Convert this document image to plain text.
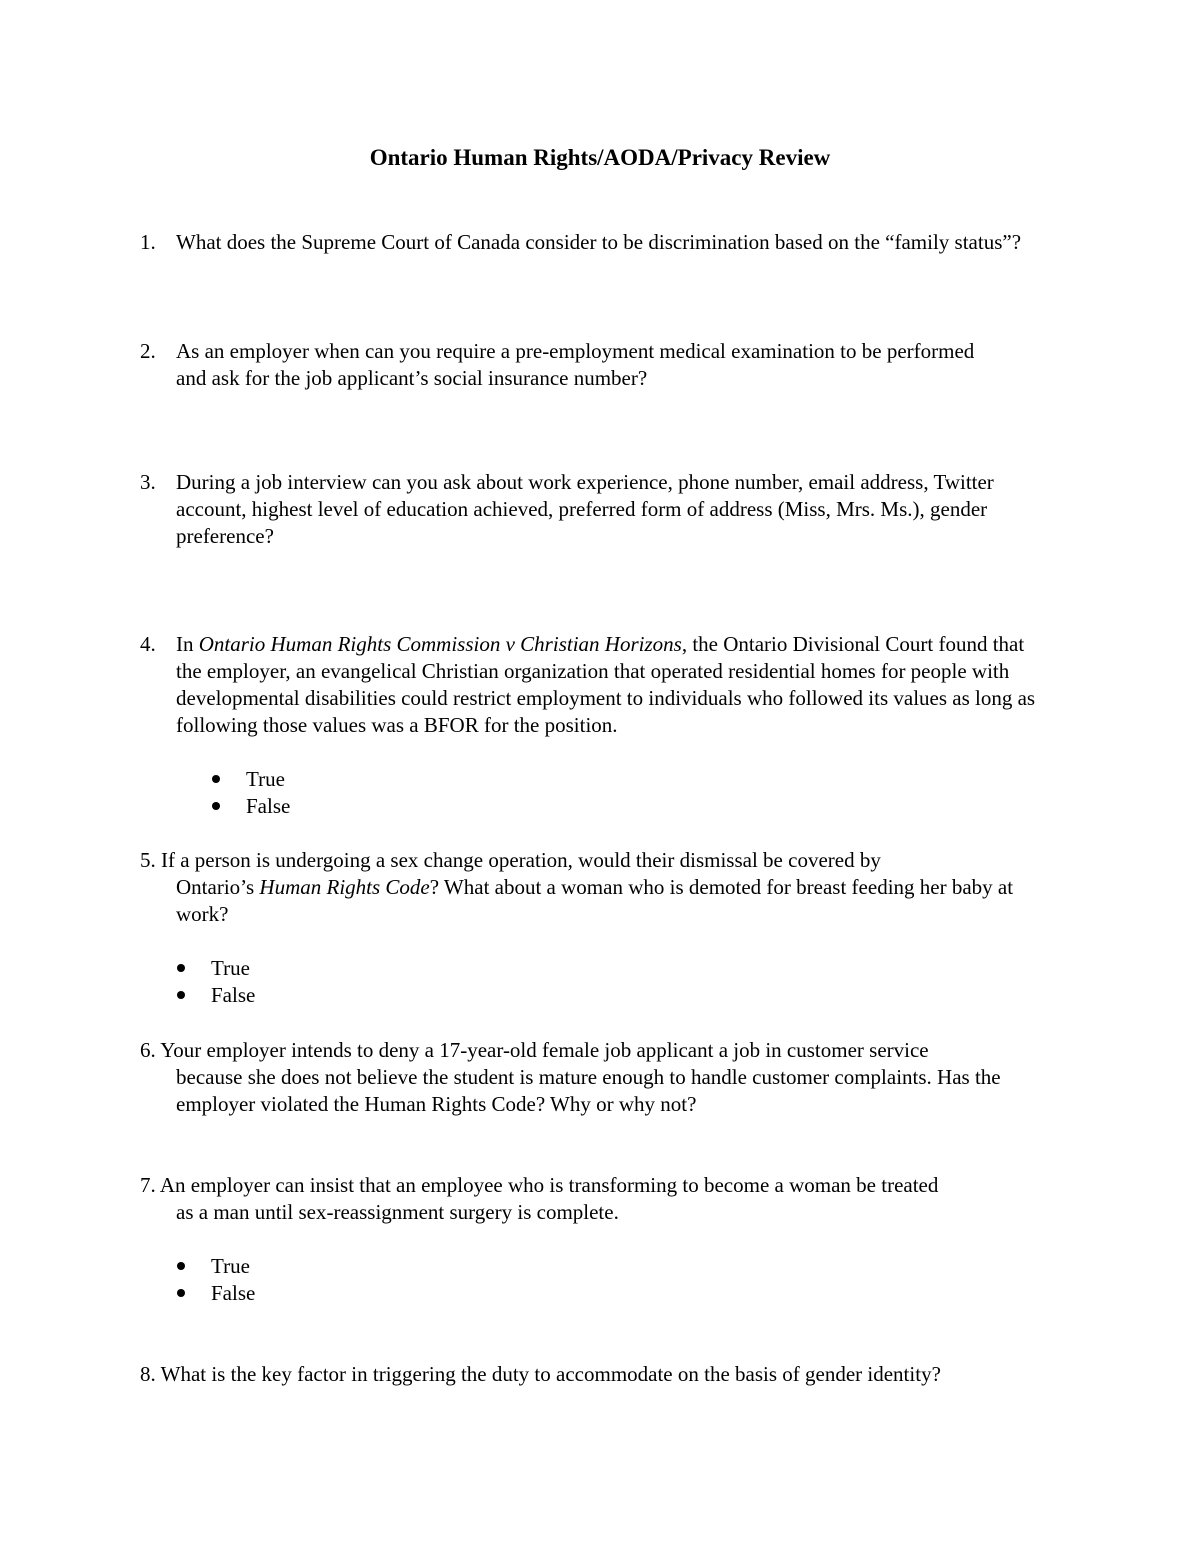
Ontario Human Rights/AODA/Privacy Review
1. What does the Supreme Court of Canada consider to be discrimination based on the “family status”?
2. As an employer when can you require a pre-employment medical examination to be performed and ask for the job applicant’s social insurance number?
3. During a job interview can you ask about work experience, phone number, email address, Twitter account, highest level of education achieved, preferred form of address (Miss, Mrs. Ms.), gender preference?
4. In Ontario Human Rights Commission v Christian Horizons, the Ontario Divisional Court found that the employer, an evangelical Christian organization that operated residential homes for people with developmental disabilities could restrict employment to individuals who followed its values as long as following those values was a BFOR for the position.
True
False
5. If a person is undergoing a sex change operation, would their dismissal be covered by
Ontario’s Human Rights Code? What about a woman who is demoted for breast feeding her baby at work?
True
False
6. Your employer intends to deny a 17-year-old female job applicant a job in customer service
because she does not believe the student is mature enough to handle customer complaints. Has the employer violated the Human Rights Code? Why or why not?
7. An employer can insist that an employee who is transforming to become a woman be treated
as a man until sex-reassignment surgery is complete.
True
False
8. What is the key factor in triggering the duty to accommodate on the basis of gender identity?
